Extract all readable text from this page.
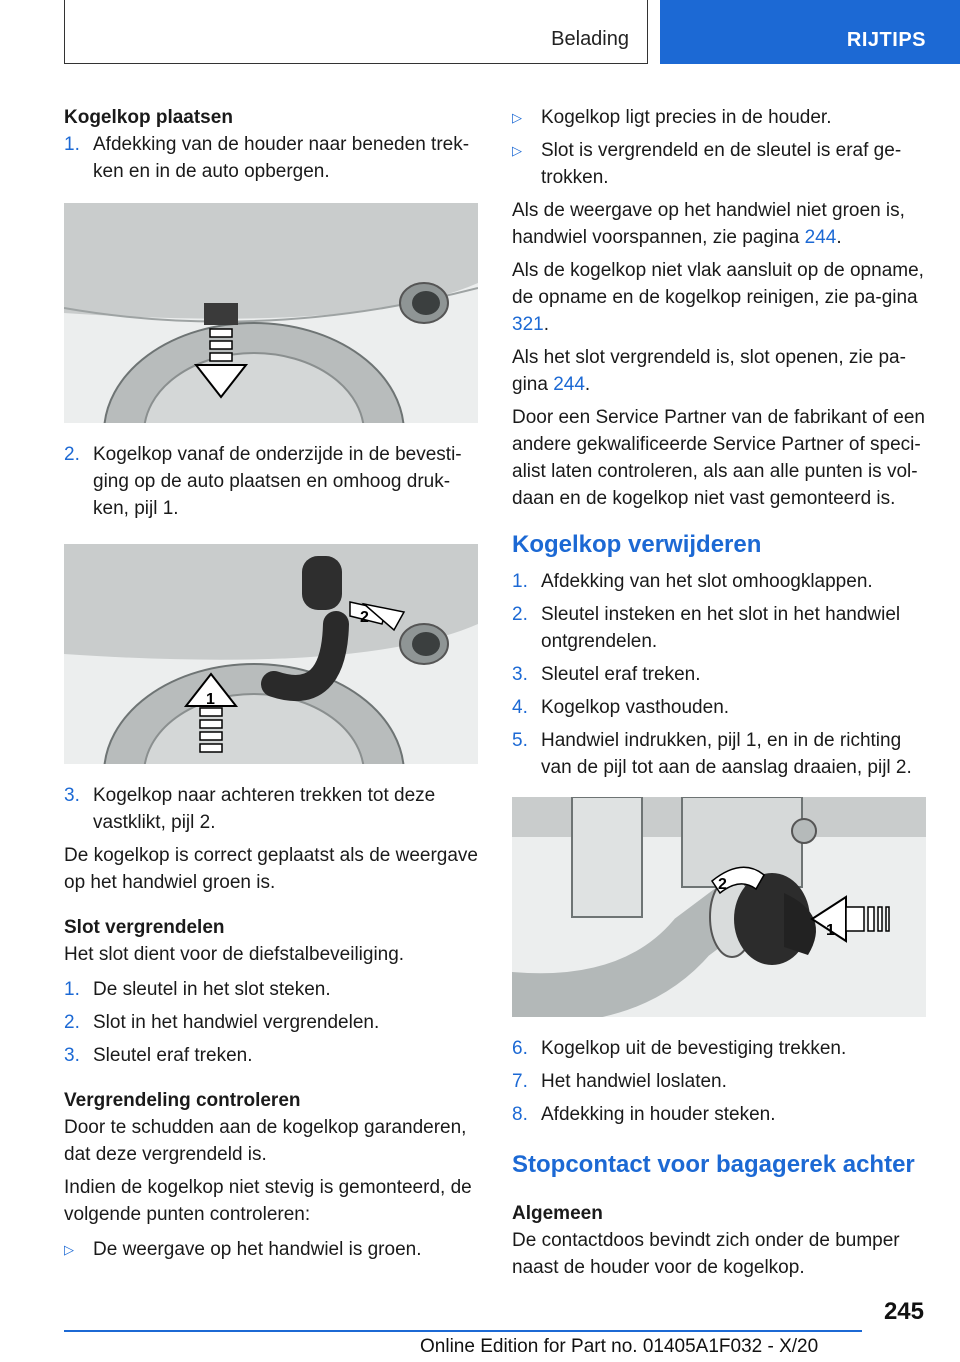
Belading	RIJTIPS

Kogelkop plaatsen

1. Afdekking van de houder naar beneden trek-ken en in de auto opbergen.
2. Kogelkop vanaf de onderzijde in de bevesti-ging op de auto plaatsen en omhoog druk-ken, pijl 1.
2
1
3. Kogelkop naar achteren trekken tot deze vastklikt, pijl 2.

De kogelkop is correct geplaatst als de weergave op het handwiel groen is.

Slot vergrendelen

Het slot dient voor de diefstalbeveiliging.

1. De sleutel in het slot steken.
2. Slot in het handwiel vergrendelen.
3. Sleutel eraf treken.

Vergrendeling controleren

Door te schudden aan de kogelkop garanderen, dat deze vergrendeld is.

Indien de kogelkop niet stevig is gemonteerd, de volgende punten controleren:

▷	De weergave op het handwiel is groen.
▷	Kogelkop ligt precies in de houder.
▷	Slot is vergrendeld en de sleutel is eraf ge-trokken.

Als de weergave op het handwiel niet groen is, handwiel voorspannen, zie pagina 244.

Als de kogelkop niet vlak aansluit op de opname, de opname en de kogelkop reinigen, zie pa-gina 321.

Als het slot vergrendeld is, slot openen, zie pa-gina 244.

Door een Service Partner van de fabrikant of een andere gekwalificeerde Service Partner of speci-alist laten controleren, als aan alle punten is vol-daan en de kogelkop niet vast gemonteerd is.

Kogelkop verwijderen

1. Afdekking van het slot omhoogklappen.
2. Sleutel insteken en het slot in het handwiel ontgrendelen.
3. Sleutel eraf treken.
4. Kogelkop vasthouden.
5. Handwiel indrukken, pijl 1, en in de richting van de pijl tot aan de aanslag draaien, pijl 2.
2
1
6. Kogelkop uit de bevestiging trekken.
7. Het handwiel loslaten.
8. Afdekking in houder steken.

Stopcontact voor bagagerek achter

Algemeen

De contactdoos bevindt zich onder de bumper naast de houder voor de kogelkop.

245
Online Edition for Part no. 01405A1F032 - X/20
